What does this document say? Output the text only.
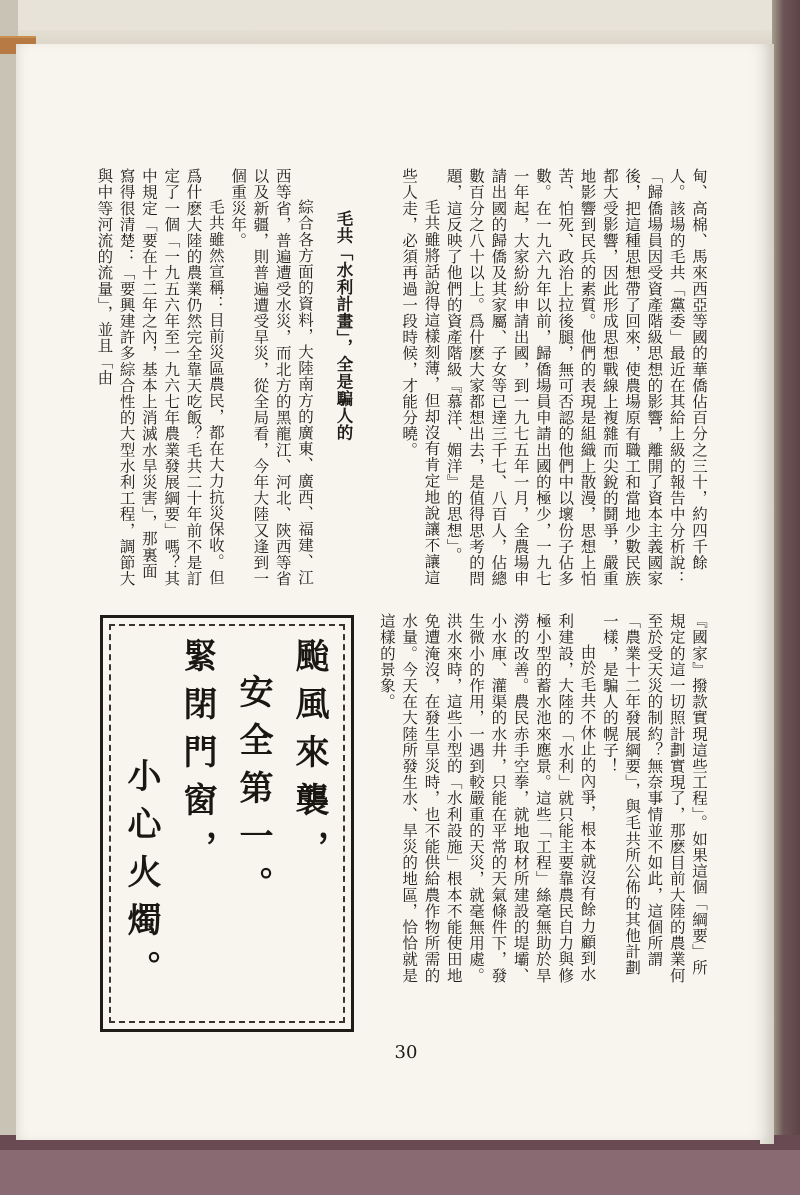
甸、高棉、馬來西亞等國的華僑佔百分之三十，約四千餘人。該場的毛共「黨委」最近在其給上級的報告中分析說：「歸僑場員因受資產階級思想的影響，離開了資本主義國家後，把這種思想帶了回來，使農場原有職工和當地少數民族都大受影響，因此形成思想戰線上複雜而尖銳的鬪爭，嚴重地影響到民兵的素質。他們的表現是組織上散漫，思想上怕苦、怕死、政治上拉後腿，無可否認的他們中以壞份子佔多數。在一九六九年以前，歸僑場員申請出國的極少，一九七一年起，大家紛紛申請出國，到一九七五年一月，全農場申請出國的歸僑及其家屬、子女等已達三千七、八百人，佔總數百分之八十以上。爲什麽大家都想出去，是值得思考的問題，這反映了他們的資產階級『慕洋、媚洋』的思想」。

毛共雖將話說得這樣刻薄，但却沒有肯定地說讓不讓這些人走，必須再過一段時候，才能分曉。

毛共「水利計畫」，全是騙人的

綜合各方面的資料，大陸南方的廣東、廣西、福建、江西等省，普遍遭受水災，而北方的黑龍江、河北、陝西等省以及新疆，則普遍遭受旱災，從全局看，今年大陸又逢到一個重災年。

毛共雖然宣稱：目前災區農民，都在大力抗災保收。但爲什麽大陸的農業仍然完全靠天吃飯？毛共二十年前不是訂定了一個「一九五六年至一九六七年農業發展綱要」嗎？其中規定「要在十二年之內，基本上消滅水旱災害」，那裏面寫得很清楚：「要興建許多綜合性的大型水利工程，調節大與中等河流的流量」，並且「由

『國家』撥款實現這些工程」。如果這個「綱要」所規定的這一切照計劃實現了，那麽目前大陸的農業何至於受天災的制約？無奈事情並不如此，這個所謂「農業十二年發展綱要」，與毛共所公佈的其他計劃一樣，是騙人的幌子！

由於毛共不休止的內爭，根本就沒有餘力顧到水利建設，大陸的「水利」就只能主要靠農民自力與修極小型的蓄水池來應景。這些「工程」絲毫無助於旱澇的改善。農民赤手空拳，就地取材所建設的堤壩、小水庫、灌渠的水井，只能在平常的天氣條件下，發生微小的作用，一遇到較嚴重的天災，就毫無用處。洪水來時，這些小型的「水利設施」根本不能使田地免遭淹沒，在發生旱災時，也不能供給農作物所需的水量。今天在大陸所發生水、旱災的地區，恰恰就是這樣的景象。

颱風來襲，
安全第一。
緊閉門窗，
小心火燭。
30
